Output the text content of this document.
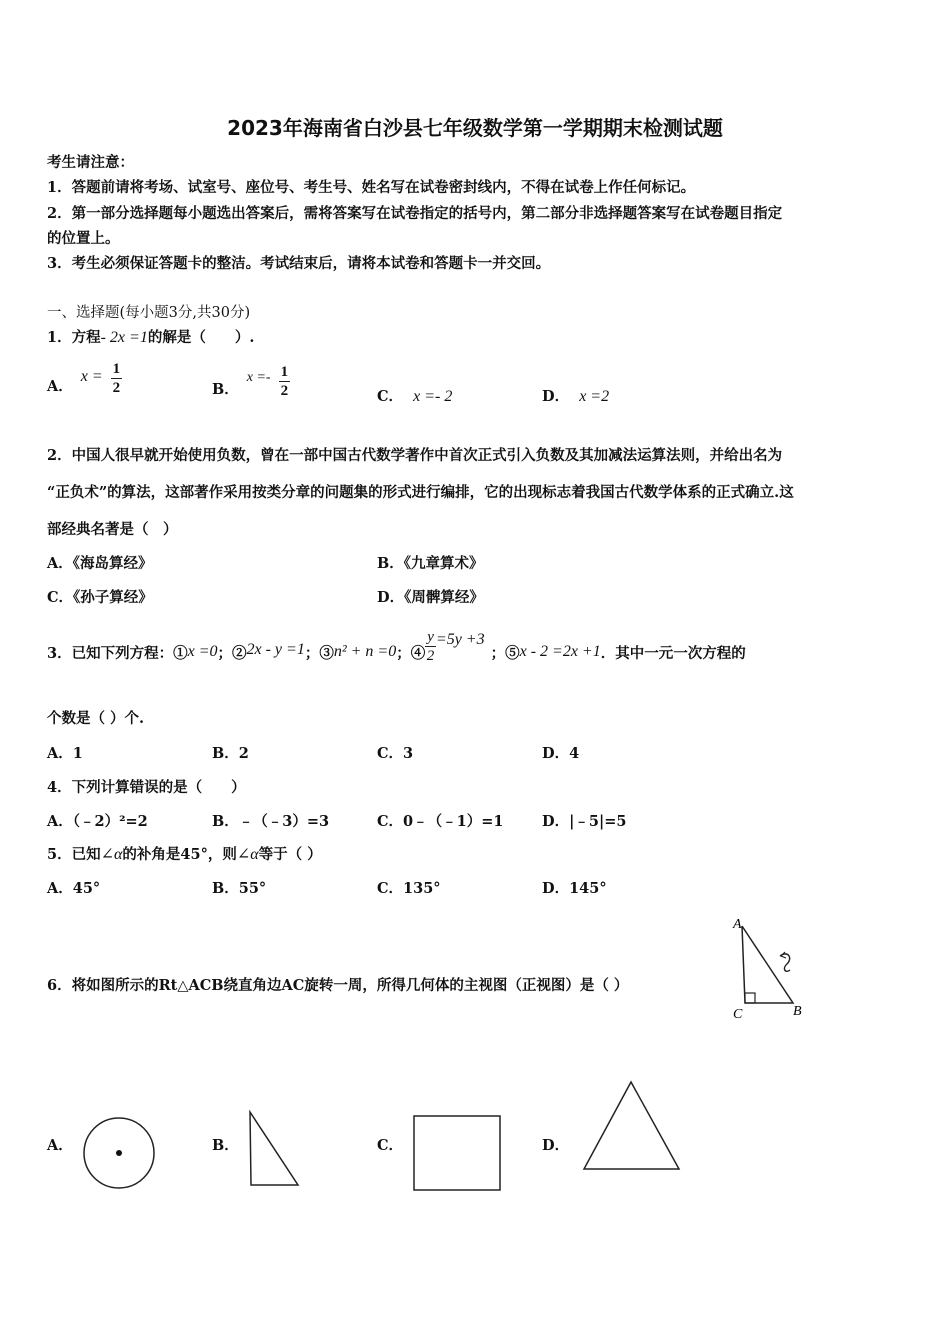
2023年海南省白沙县七年级数学第一学期期末检测试题
考生请注意：
1．答题前请将考场、试室号、座位号、考生号、姓名写在试卷密封线内，不得在试卷上作任何标记。
2．第一部分选择题每小题选出答案后，需将答案写在试卷指定的括号内，第二部分非选择题答案写在试卷题目指定
的位置上。
3．考生必须保证答题卡的整洁。考试结束后，请将本试卷和答题卡一并交回。
一、选择题(每小题3分,共30分)
1．方程- 2x =1的解是（　　）.
A．
$x = \frac{1}{2}$	B．
$x =- \frac{1}{2}$	C． x =- 2	D． x =2
2．中国人很早就开始使用负数，曾在一部中国古代数学著作中首次正式引入负数及其加减法运算法则，并给出名为
“正负术”的算法，这部著作采用按类分章的问题集的形式进行编排，它的出现标志着我国古代数学体系的正式确立.这
部经典名著是（　）
A．《海岛算经》	B．《九章算术》
C．《孙子算经》	D．《周髀算经》
3．已知下列方程：① x =0 ；② 2x - y =1 ；③ n² + n =0 ；④ $\frac{y}{2} =5y +3$
；⑤ x - 2 =2x +1 ．其中一元一次方程的
个数是（ ）个.
A．1	B．2	C．3	D．4
4．下列计算错误的是（　　）
A．（﹣2）²=2	B．﹣（﹣3）=3	C．0﹣（﹣1）=1	D．|﹣5|=5
5．已知∠α的补角是45°，则∠α等于（ ）
A．45°	B．55°	C．135°	D．145°
6．将如图所示的Rt△ACB绕直角边AC旋转一周，所得几何体的主视图（正视图）是（ ）
A
C	B
A．	B．	C．	D．
